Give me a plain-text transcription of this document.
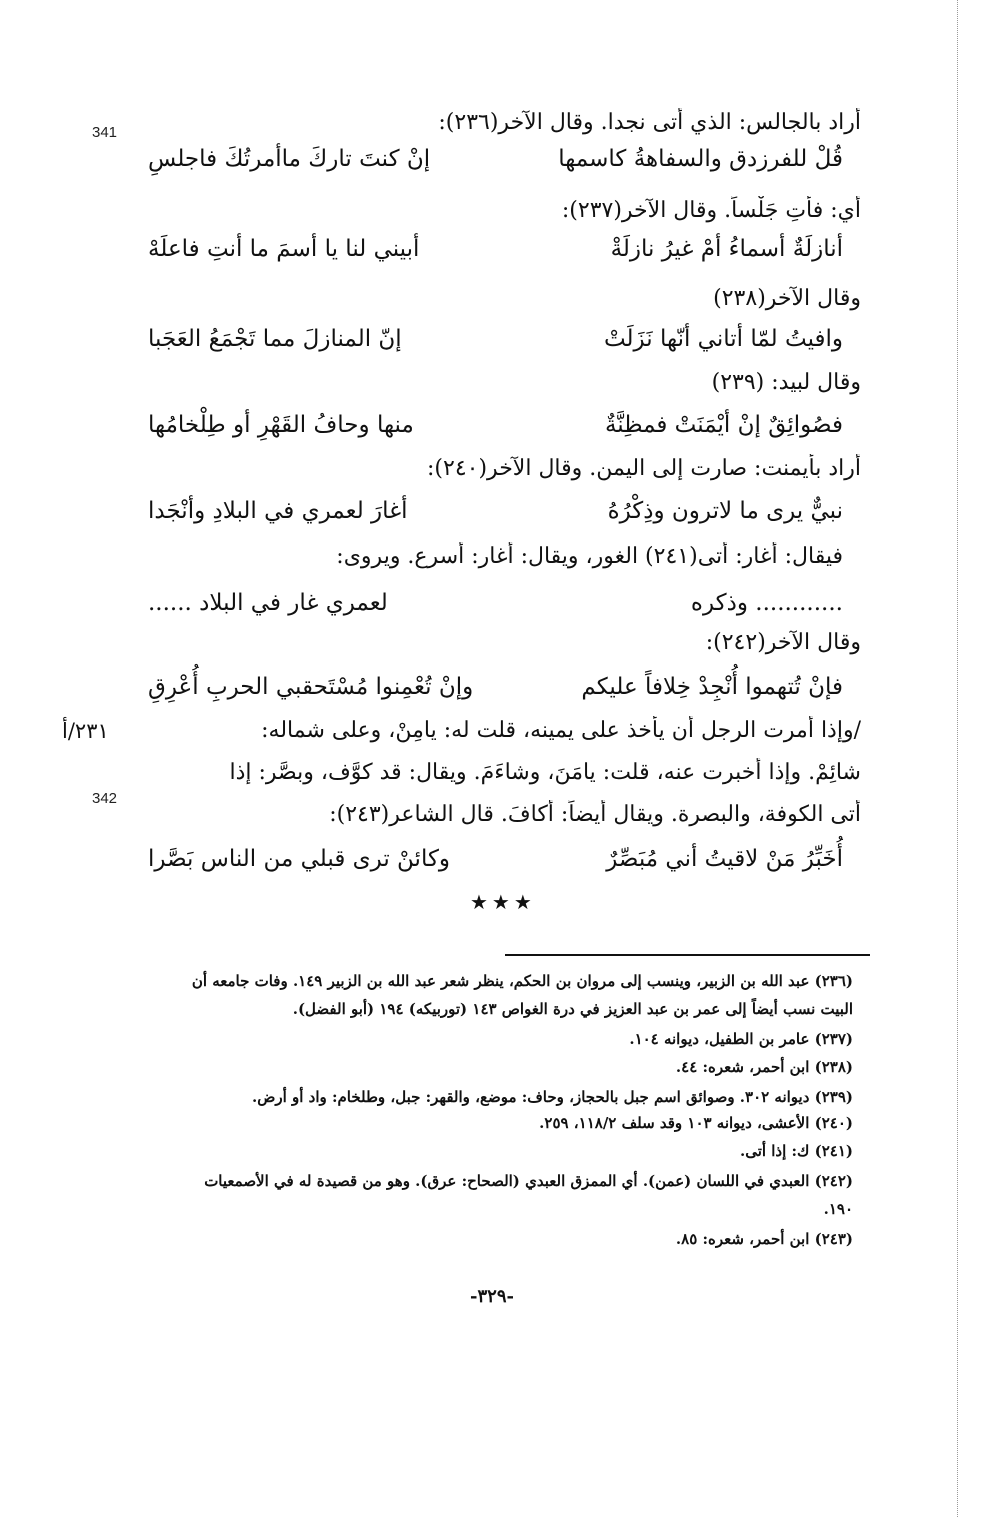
341
342
٢٣١/أ
أراد بالجالس: الذي أتى نجدا. وقال الآخر(٢٣٦):
قُلْ للفرزدق والسفاهةُ كاسمها
إنْ كنتَ تاركَ ماأمرتُكَ فاجلسِ
أي: فأتِ جَلْساً. وقال الآخر(٢٣٧):
أنازلَةٌ أسماءُ أمْ غيرُ نازلَةْ
أبيني لنا يا أسمَ ما أنتِ فاعلَهْ
وقال الآخر(٢٣٨)
وافيتُ لمّا أتاني أنّها نَزَلَتْ
إنّ المنازلَ مما تَجْمَعُ العَجَبا
وقال لبيد: (٢٣٩)
فصُوائِقٌ إنْ أيْمَنَتْ فمظِنَّةٌ
منها وحافُ القَهْرِ أو طِلْخامُها
أراد بأيمنت: صارت إلى اليمن. وقال الآخر(٢٤٠):
نبيٌّ يرى ما لاترون وذِكْرُهُ
أغارَ لعمري في البلادِ وأنْجَدا
فيقال: أغار: أتى(٢٤١) الغور، ويقال: أغار: أسرع. ويروى:
............ وذكره
لعمري غار في البلاد ......
وقال الآخر(٢٤٢):
فإنْ تُتهموا أُنْجِدْ خِلافاً عليكم
وإنْ تُعْمِنوا مُسْتَحقبي الحربِ أُعْرِقِ
/وإذا أمرت الرجل أن يأخذ على يمينه، قلت له: يامِنْ، وعلى شماله:
شائِمْ. وإذا أخبرت عنه، قلت: يامَنَ، وشاءَمَ. ويقال: قد كوَّف، وبصَّر: إذا
أتى الكوفة، والبصرة. ويقال أيضاً: أكافَ. قال الشاعر(٢٤٣):
أُخَبِّرُ مَنْ لاقيتُ أني مُبَصِّرٌ
وكائنْ ترى قبلي من الناس بَصَّرا
★★★
(٢٣٦) عبد الله بن الزبير، وينسب إلى مروان بن الحكم، ينظر شعر عبد الله بن الزبير ١٤٩. وفات جامعه أن
البيت نسب أيضاً إلى عمر بن عبد العزيز في درة الغواص ١٤٣ (توربيكه) ١٩٤ (أبو الفضل).
(٢٣٧) عامر بن الطفيل، ديوانه ١٠٤.
(٢٣٨) ابن أحمر، شعره: ٤٤.
(٢٣٩) ديوانه ٣٠٢. وصوائق اسم جبل بالحجاز، وحاف: موضع، والقهر: جبل، وطلخام: واد أو أرض.
(٢٤٠) الأعشى، ديوانه ١٠٣ وقد سلف ١١٨/٢، ٢٥٩.
(٢٤١) ك: إذا أتى.
(٢٤٢) العبدي في اللسان (عمن). أي الممزق العبدي (الصحاح: عرق). وهو من قصيدة له في الأصمعيات
١٩٠.
(٢٤٣) ابن أحمر، شعره: ٨٥.
-٣٢٩-
